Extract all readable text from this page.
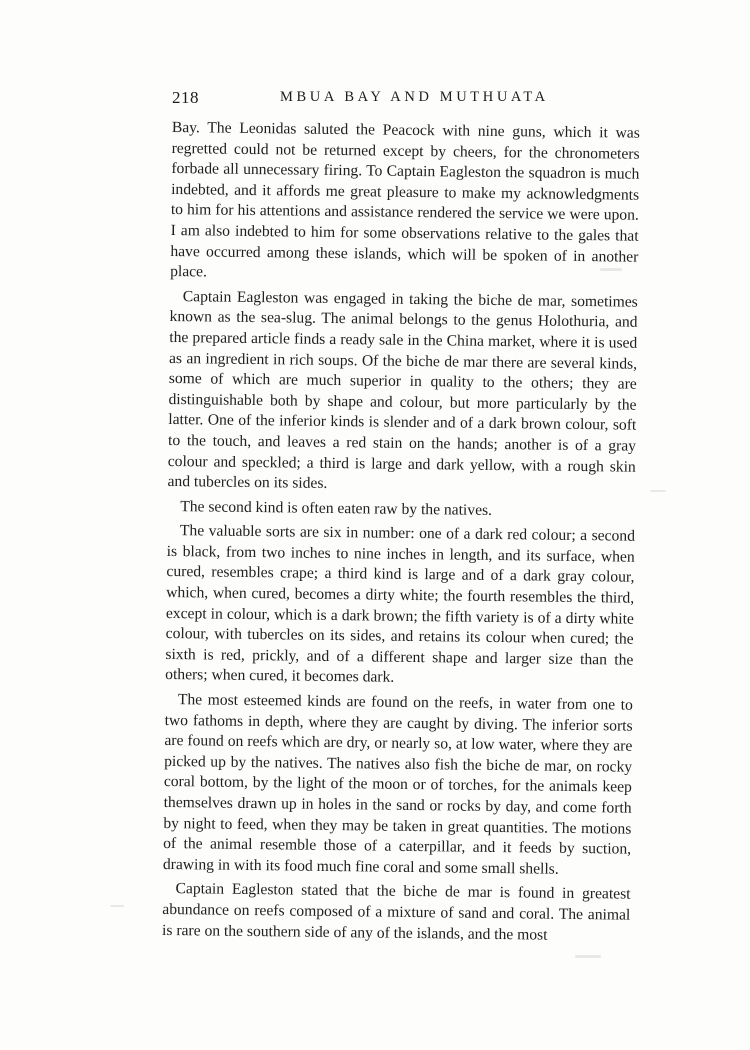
218	MBUA BAY AND MUTHUATA

Bay. The Leonidas saluted the Peacock with nine guns, which it was regretted could not be returned except by cheers, for the chronometers forbade all unnecessary firing. To Captain Eagleston the squadron is much indebted, and it affords me great pleasure to make my acknowledgments to him for his attentions and assistance rendered the service we were upon. I am also indebted to him for some observations relative to the gales that have occurred among these islands, which will be spoken of in another place.

Captain Eagleston was engaged in taking the biche de mar, sometimes known as the sea-slug. The animal belongs to the genus Holothuria, and the prepared article finds a ready sale in the China market, where it is used as an ingredient in rich soups. Of the biche de mar there are several kinds, some of which are much superior in quality to the others; they are distinguishable both by shape and colour, but more particularly by the latter. One of the inferior kinds is slender and of a dark brown colour, soft to the touch, and leaves a red stain on the hands; another is of a gray colour and speckled; a third is large and dark yellow, with a rough skin and tubercles on its sides.

The second kind is often eaten raw by the natives.

The valuable sorts are six in number: one of a dark red colour; a second is black, from two inches to nine inches in length, and its surface, when cured, resembles crape; a third kind is large and of a dark gray colour, which, when cured, becomes a dirty white; the fourth resembles the third, except in colour, which is a dark brown; the fifth variety is of a dirty white colour, with tubercles on its sides, and retains its colour when cured; the sixth is red, prickly, and of a different shape and larger size than the others; when cured, it becomes dark.

The most esteemed kinds are found on the reefs, in water from one to two fathoms in depth, where they are caught by diving. The inferior sorts are found on reefs which are dry, or nearly so, at low water, where they are picked up by the natives. The natives also fish the biche de mar, on rocky coral bottom, by the light of the moon or of torches, for the animals keep themselves drawn up in holes in the sand or rocks by day, and come forth by night to feed, when they may be taken in great quantities. The motions of the animal resemble those of a caterpillar, and it feeds by suction, drawing in with its food much fine coral and some small shells.

Captain Eagleston stated that the biche de mar is found in greatest abundance on reefs composed of a mixture of sand and coral. The animal is rare on the southern side of any of the islands, and the most
